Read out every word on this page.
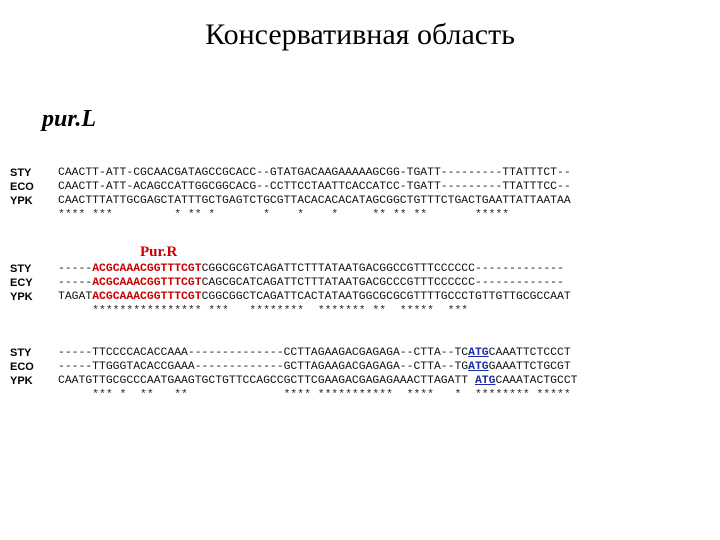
Консервативная область
pur.L
Pur.R

STY

CAACTT-ATT-CGCAACGATAGCCGCACC--GTATGACAAGAAAAAGCGG-TGATT---------TTATTTCT--

ECO

CAACTT-ATT-ACAGCCATTGGCGGCACG--CCTTCCTAATTCACCATCC-TGATT---------TTATTTCC--

YPK

CAACTTTATTGCGAGCTATTTGCTGAGTCTGCGTTACACACACATAGCGGCTGTTTCTGACTGAATTATTAATAA

**** ***         * ** *       *    *    *     ** ** **       *****

STY

-----ACGCAAACGGTTTCGTCGGCGCGTCAGATTCTTTATAATGACGGCCGTTTCCCCCC-------------

ECY

-----ACGCAAACGGTTTCGTCAGCGCATCAGATTCTTTATAATGACGCCCGTTTCCCCCC-------------

YPK

TAGATACGCAAACGGTTTCGTCGGCGGCTCAGATTCACTATAATGGCGCGCGTTTTGCCCTGTTGTTGCGCCAAT

**************** ***   ********  ******* **  *****  ***

STY

-----TTCCCCACACCAAA--------------CCTTAGAAGACGAGAGA--CTTA--TCATGCAAATTCTCCCT

ECO

-----TTGGGTACACCGAAA-------------GCTTAGAAGACGAGAGA--CTTA--TGATGGAAATTCTGCGT

YPK

CAATGTTGCGCCCAATGAAGTGCTGTTCCAGCCGCTTCGAAGACGAGAGAAACTTAGATT ATGCAAATACTGCCT

*** *  **   **              **** ***********  ****   *  ******** *****
